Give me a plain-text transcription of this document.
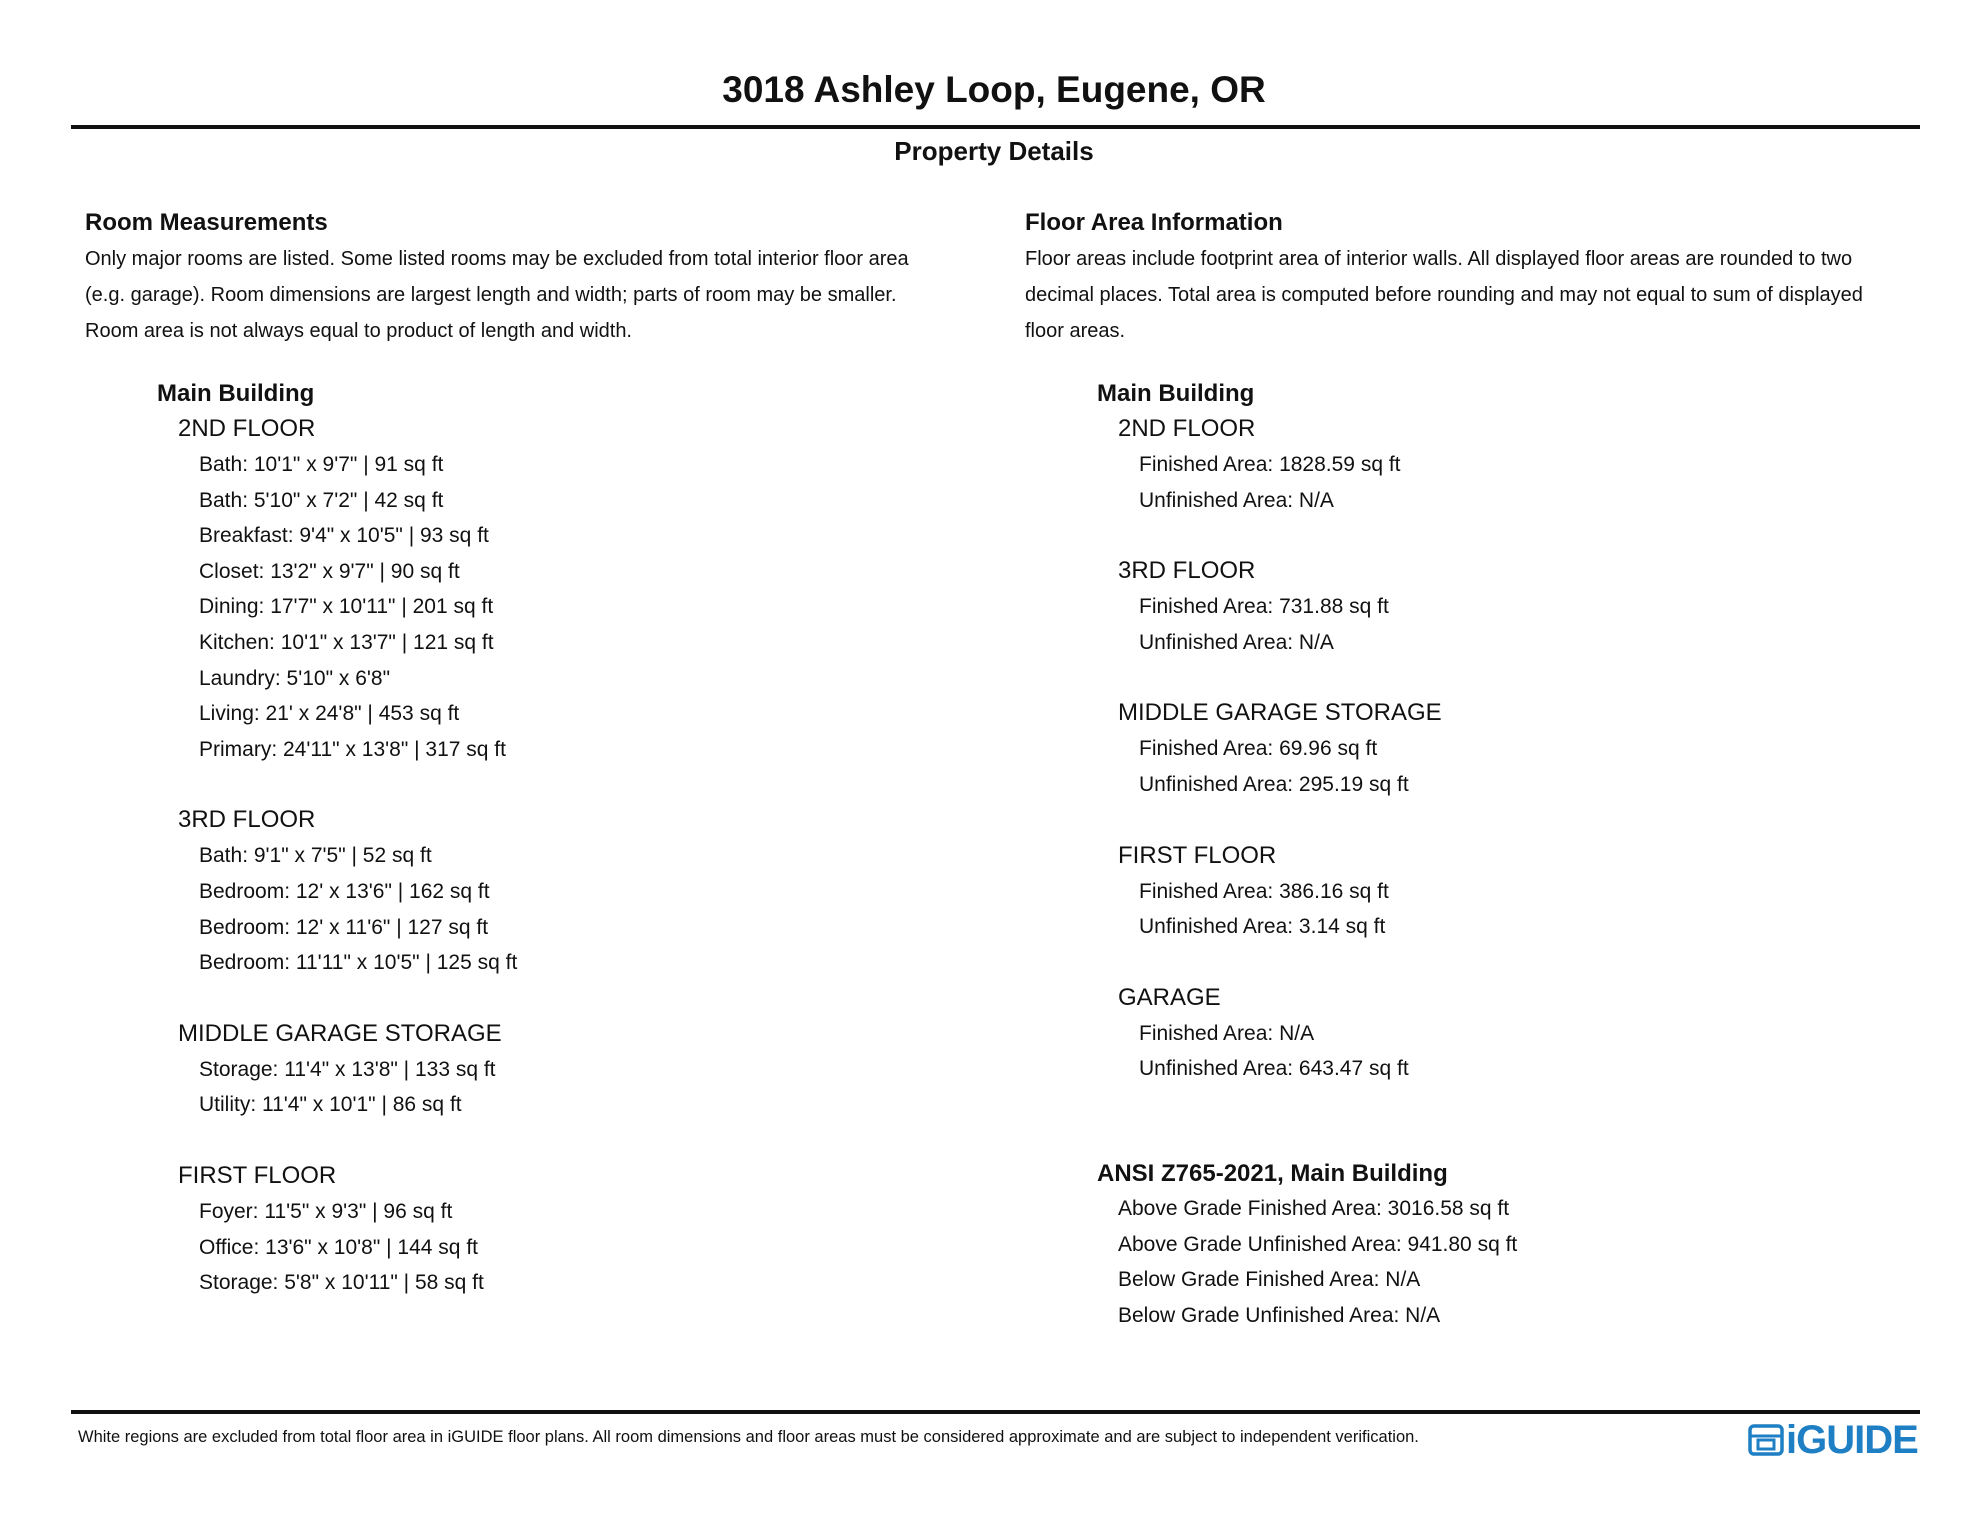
3018 Ashley Loop, Eugene, OR
Property Details
Room Measurements
Only major rooms are listed. Some listed rooms may be excluded from total interior floor area
(e.g. garage). Room dimensions are largest length and width; parts of room may be smaller.
Room area is not always equal to product of length and width.
Main Building
2ND FLOOR
Bath: 10'1" x 9'7" | 91 sq ft
Bath: 5'10" x 7'2" | 42 sq ft
Breakfast: 9'4" x 10'5" | 93 sq ft
Closet: 13'2" x 9'7" | 90 sq ft
Dining: 17'7" x 10'11" | 201 sq ft
Kitchen: 10'1" x 13'7" | 121 sq ft
Laundry: 5'10" x 6'8"
Living: 21' x 24'8" | 453 sq ft
Primary: 24'11" x 13'8" | 317 sq ft
3RD FLOOR
Bath: 9'1" x 7'5" | 52 sq ft
Bedroom: 12' x 13'6" | 162 sq ft
Bedroom: 12' x 11'6" | 127 sq ft
Bedroom: 11'11" x 10'5" | 125 sq ft
MIDDLE GARAGE STORAGE
Storage: 11'4" x 13'8" | 133 sq ft
Utility: 11'4" x 10'1" | 86 sq ft
FIRST FLOOR
Foyer: 11'5" x 9'3" | 96 sq ft
Office: 13'6" x 10'8" | 144 sq ft
Storage: 5'8" x 10'11" | 58 sq ft
Floor Area Information
Floor areas include footprint area of interior walls. All displayed floor areas are rounded to two
decimal places. Total area is computed before rounding and may not equal to sum of displayed
floor areas.
Main Building
2ND FLOOR
Finished Area: 1828.59 sq ft
Unfinished Area: N/A
3RD FLOOR
Finished Area: 731.88 sq ft
Unfinished Area: N/A
MIDDLE GARAGE STORAGE
Finished Area: 69.96 sq ft
Unfinished Area: 295.19 sq ft
FIRST FLOOR
Finished Area: 386.16 sq ft
Unfinished Area: 3.14 sq ft
GARAGE
Finished Area: N/A
Unfinished Area: 643.47 sq ft
ANSI Z765-2021, Main Building
Above Grade Finished Area: 3016.58 sq ft
Above Grade Unfinished Area: 941.80 sq ft
Below Grade Finished Area: N/A
Below Grade Unfinished Area: N/A
White regions are excluded from total floor area in iGUIDE floor plans. All room dimensions and floor areas must be considered approximate and are subject to independent verification.	iGUIDE
